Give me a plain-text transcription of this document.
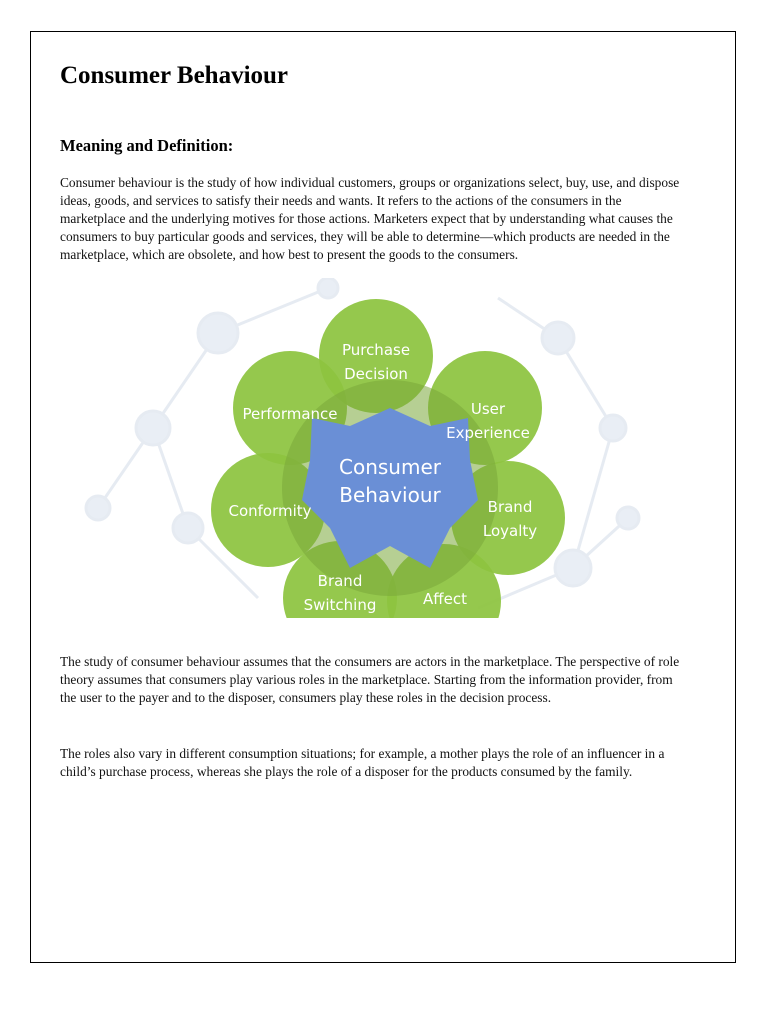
Consumer Behaviour
Meaning and Definition:

Consumer behaviour is the study of how individual customers, groups or organizations select, buy, use, and dispose ideas, goods, and services to satisfy their needs and wants. It refers to the actions of the consumers in the marketplace and the underlying motives for those actions. Marketers expect that by understanding what causes the consumers to buy particular goods and services, they will be able to determine—which products are needed in the marketplace, which are obsolete, and how best to present the goods to the consumers.

Consumer
Behaviour
Purchase
Decision
User
Experience
Brand
Loyalty
Affect
Brand
Switching
Conformity
Performance

The study of consumer behaviour assumes that the consumers are actors in the marketplace. The perspective of role theory assumes that consumers play various roles in the marketplace. Starting from the information provider, from the user to the payer and to the disposer, consumers play these roles in the decision process.

The roles also vary in different consumption situations; for example, a mother plays the role of an influencer in a child’s purchase process, whereas she plays the role of a disposer for the products consumed by the family.
